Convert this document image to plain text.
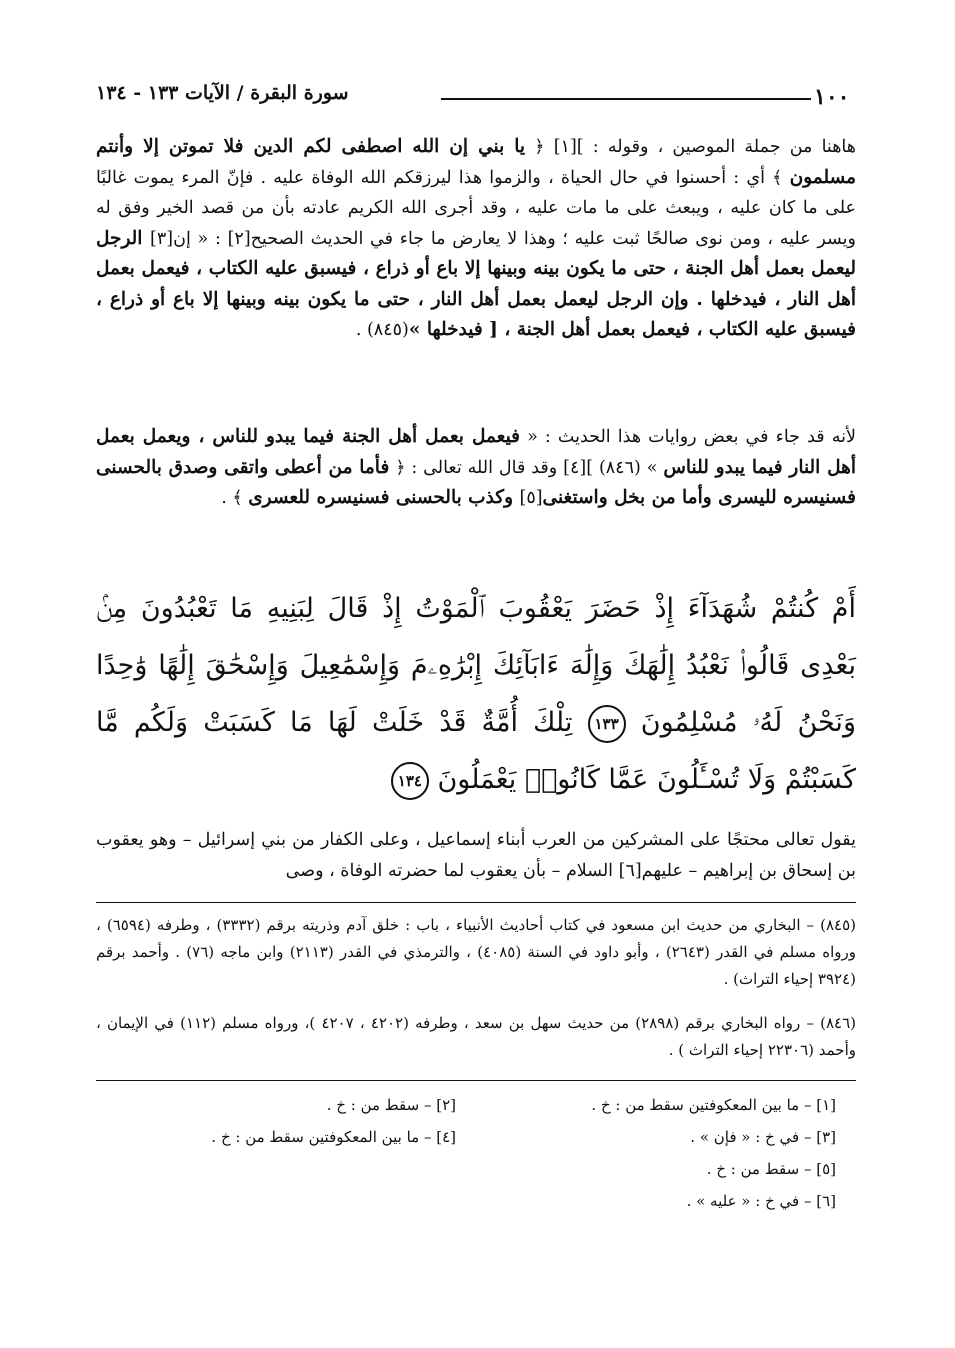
١٠٠
سورة البقرة / الآيات ١٣٣ - ١٣٤

هاهنا من جملة الموصين ، وقوله : ][١] ﴿ يا بني إن الله اصطفى لكم الدين فلا تموتن إلا وأنتم مسلمون ﴾ أي : أحسنوا في حال الحياة ، والزموا هذا ليرزقكم الله الوفاة عليه . فإنّ المرء يموت غالبًا على ما كان عليه ، ويبعث على ما مات عليه ، وقد أجرى الله الكريم عادته بأن من قصد الخير وفق له ويسر عليه ، ومن نوى صالحًا ثبت عليه ؛ وهذا لا يعارض ما جاء في الحديث الصحيح[٢] : « إن[٣] الرجل ليعمل بعمل أهل الجنة ، حتى ما يكون بينه وبينها إلا باع أو ذراع ، فيسبق عليه الكتاب ، فيعمل بعمل أهل النار ، فيدخلها . وإن الرجل ليعمل بعمل أهل النار ، حتى ما يكون بينه وبينها إلا باع أو ذراع ، فيسبق عليه الكتاب ، فيعمل بعمل أهل الجنة ، [ فيدخلها »(٨٤٥) .

لأنه قد جاء في بعض روايات هذا الحديث : « فيعمل بعمل أهل الجنة فيما يبدو للناس ، ويعمل بعمل أهل النار فيما يبدو للناس » (٨٤٦) ][٤] وقد قال الله تعالى : ﴿ فأما من أعطى واتقى وصدق بالحسنى فسنيسره لليسرى وأما من بخل واستغنى[٥] وكذب بالحسنى فسنيسره للعسرى ﴾ .

أَمْ كُنتُمْ شُهَدَآءَ إِذْ حَضَرَ يَعْقُوبَ ٱلْمَوْتُ إِذْ قَالَ لِبَنِيهِ مَا تَعْبُدُونَ مِنۢ بَعْدِى قَالُوا۟ نَعْبُدُ إِلَٰهَكَ وَإِلَٰهَ ءَابَآئِكَ إِبْرَٰهِۦمَ وَإِسْمَٰعِيلَ وَإِسْحَٰقَ إِلَٰهًا وَٰحِدًا وَنَحْنُ لَهُۥ مُسْلِمُونَ ١٣٣ تِلْكَ أُمَّةٌ قَدْ خَلَتْ لَهَا مَا كَسَبَتْ وَلَكُم مَّا كَسَبْتُمْ وَلَا تُسْـَٔلُونَ عَمَّا كَانُوا۟ يَعْمَلُونَ ١٣٤

يقول تعالى محتجًا على المشركين من العرب أبناء إسماعيل ، وعلى الكفار من بني إسرائيل – وهو يعقوب بن إسحاق بن إبراهيم – عليهم[٦] السلام – بأن يعقوب لما حضرته الوفاة ، وصى

(٨٤٥) – البخاري من حديث ابن مسعود في كتاب أحاديث الأنبياء ، باب : خلق آدم وذريته برقم (٣٣٣٢) ، وطرفه (٦٥٩٤) ، ورواه مسلم في القدر (٢٦٤٣) ، وأبو داود في السنة (٤٠٨٥) ، والترمذي في القدر (٢١١٣) وابن ماجه (٧٦) . وأحمد برقم (٣٩٢٤ إحياء التراث) .

(٨٤٦) – رواه البخاري برقم (٢٨٩٨) من حديث سهل بن سعد ، وطرفه (٤٢٠٢ ، ٤٢٠٧ )، ورواه مسلم (١١٢) في الإيمان ، وأحمد (٢٢٣٠٦ إحياء التراث ) .

[١] – ما بين المعكوفتين سقط من : خ .
[٢] – سقط من : خ .
[٣] – في خ : « فإن » .
[٤] – ما بين المعكوفتين سقط من : خ .
[٥] – سقط من : خ .
[٦] – في خ : « عليه » .
